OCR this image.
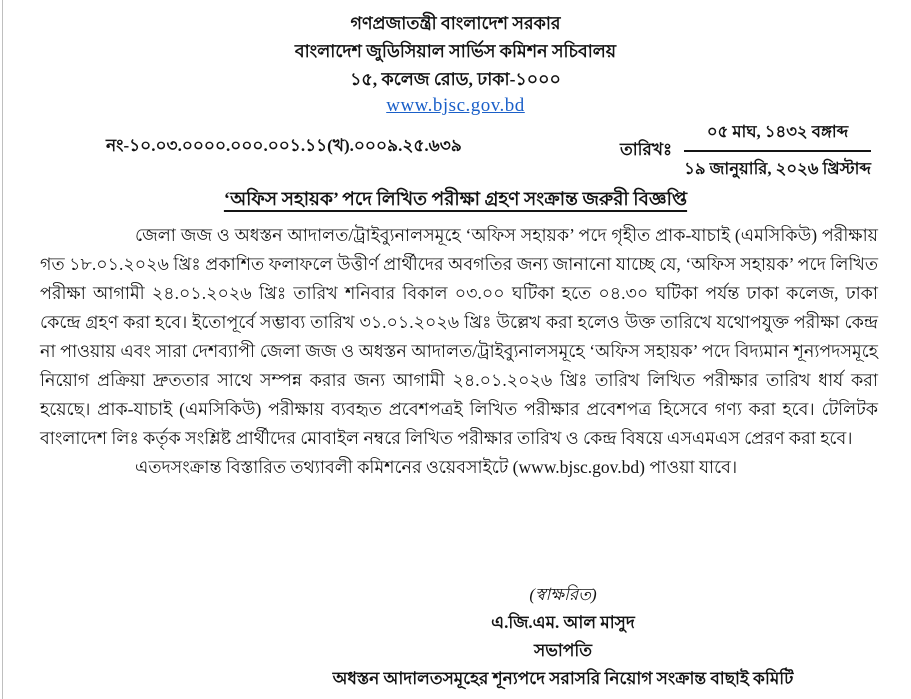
গণপ্রজাতন্ত্রী বাংলাদেশ সরকার
বাংলাদেশ জুডিসিয়াল সার্ভিস কমিশন সচিবালয়
১৫, কলেজ রোড, ঢাকা-১০০০
www.bjsc.gov.bd
নং-১০.০৩.০০০০.০০০.০০১.১১(খ).০০০৯.২৫.৬৩৯	তারিখঃ
০৫ মাঘ, ১৪৩২ বঙ্গাব্দ
১৯ জানুয়ারি, ২০২৬ খ্রিস্টাব্দ
‘অফিস সহায়ক’ পদে লিখিত পরীক্ষা গ্রহণ সংক্রান্ত জরুরী বিজ্ঞপ্তি

জেলা জজ ও অধস্তন আদালত/ট্রাইব্যুনালসমূহে ‘অফিস সহায়ক’ পদে গৃহীত প্রাক-যাচাই (এমসিকিউ) পরীক্ষায় গত ১৮.০১.২০২৬ খ্রিঃ প্রকাশিত ফলাফলে উত্তীর্ণ প্রার্থীদের অবগতির জন্য জানানো যাচ্ছে যে, ‘অফিস সহায়ক’ পদে লিখিত পরীক্ষা আগামী ২৪.০১.২০২৬ খ্রিঃ তারিখ শনিবার বিকাল ০৩.০০ ঘটিকা হতে ০৪.৩০ ঘটিকা পর্যন্ত ঢাকা কলেজ, ঢাকা কেন্দ্রে গ্রহণ করা হবে। ইতোপূর্বে সম্ভাব্য তারিখ ৩১.০১.২০২৬ খ্রিঃ উল্লেখ করা হলেও উক্ত তারিখে যথোপযুক্ত পরীক্ষা কেন্দ্র না পাওয়ায় এবং সারা দেশব্যাপী জেলা জজ ও অধস্তন আদালত/ট্রাইব্যুনালসমূহে ‘অফিস সহায়ক’ পদে বিদ্যমান শূন্যপদসমূহে নিয়োগ প্রক্রিয়া দ্রুততার সাথে সম্পন্ন করার জন্য আগামী ২৪.০১.২০২৬ খ্রিঃ তারিখ লিখিত পরীক্ষার তারিখ ধার্য করা হয়েছে। প্রাক-যাচাই (এমসিকিউ) পরীক্ষায় ব্যবহৃত প্রবেশপত্রই লিখিত পরীক্ষার প্রবেশপত্র হিসেবে গণ্য করা হবে। টেলিটক বাংলাদেশ লিঃ কর্তৃক সংশ্লিষ্ট প্রার্থীদের মোবাইল নম্বরে লিখিত পরীক্ষার তারিখ ও কেন্দ্র বিষয়ে এসএমএস প্রেরণ করা হবে।

এতদসংক্রান্ত বিস্তারিত তথ্যাবলী কমিশনের ওয়েবসাইটে (www.bjsc.gov.bd) পাওয়া যাবে।

(স্বাক্ষরিত)
এ.জি.এম. আল মাসুদ
সভাপতি
অধস্তন আদালতসমূহের শূন্যপদে সরাসরি নিয়োগ সংক্রান্ত বাছাই কমিটি
